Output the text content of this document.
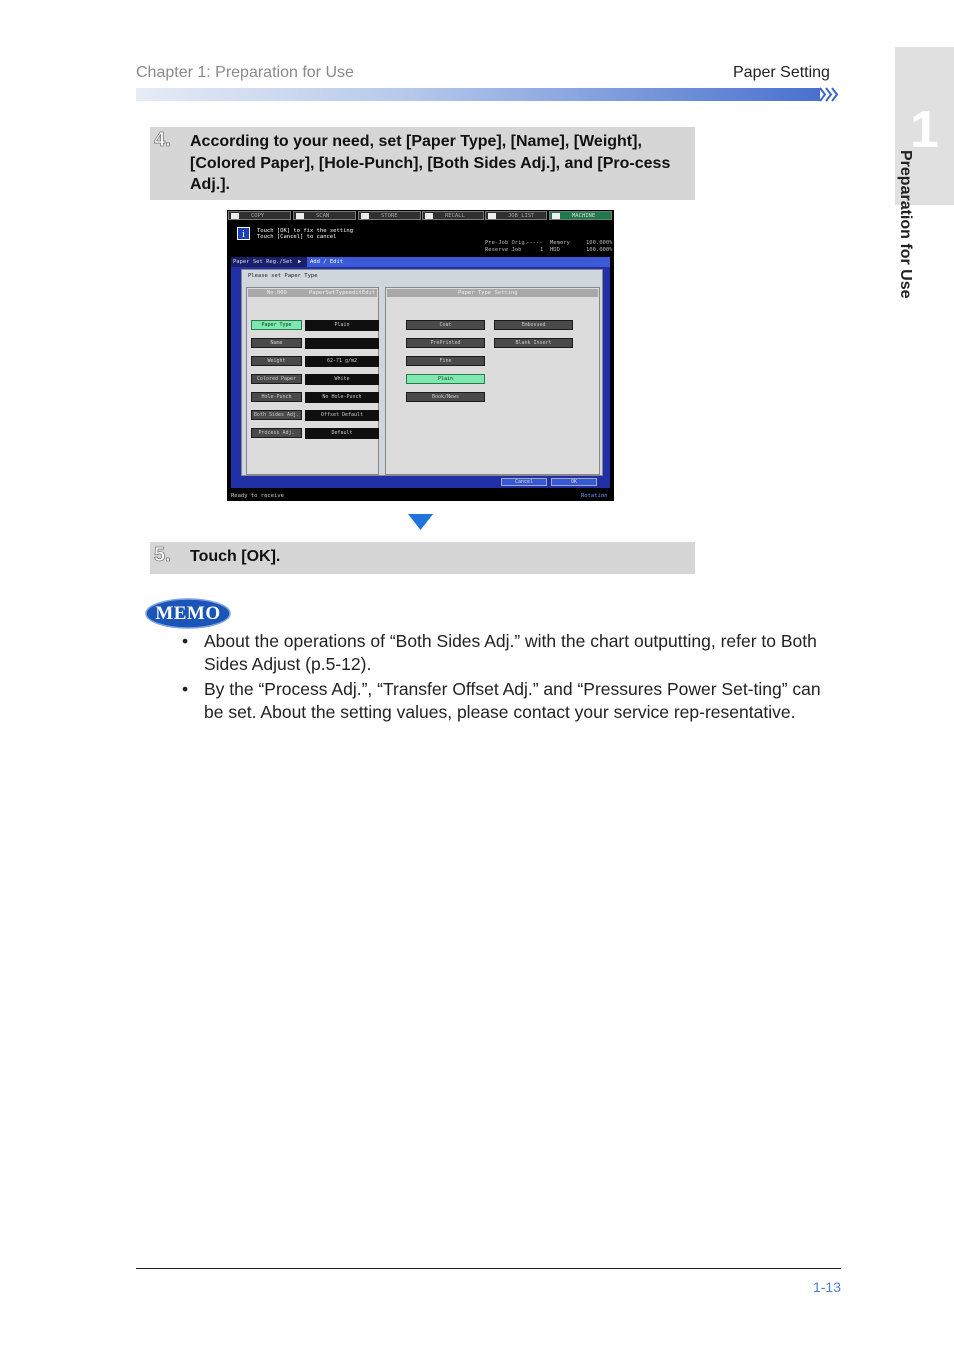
Chapter 1: Preparation for Use	Paper Setting
1
Preparation for Use
4. According to your need, set [Paper Type], [Name], [Weight], [Colored Paper], [Hole-Punch], [Both Sides Adj.], and [Pro-cess Adj.].
COPY	SCAN	STORE	RECALL	JOB LIST	MACHINE
i	Touch [OK] to fix the setting
Touch [Cancel] to cancel
Pre-Job Orig.
-----
Reserve Job	1
Memory	100.000%
HDD	100.000%
Paper Set Reg./Set ▶ Add / Edit
Please set Paper Type
No.009	PaperSetTypeeditEdit
Paper Type	Plain
Name
Weight	62-71 g/m2
Colored Paper	White
Hole-Punch	No Hole-Punch
Both Sides Adj.	Offset Default
Process Adj.	Default
Paper Type Setting
Coat
PrePrinted
Fine
Plain
Book/News
Embossed
Blank Insert
Cancel	OK
Ready to receive	Rotation
5. Touch [OK].
MEMO
• About the operations of “Both Sides Adj.” with the chart outputting, refer to Both Sides Adjust (p.5-12).
• By the “Process Adj.”, “Transfer Offset Adj.” and “Pressures Power Set-ting” can be set. About the setting values, please contact your service rep-resentative.
1-13
